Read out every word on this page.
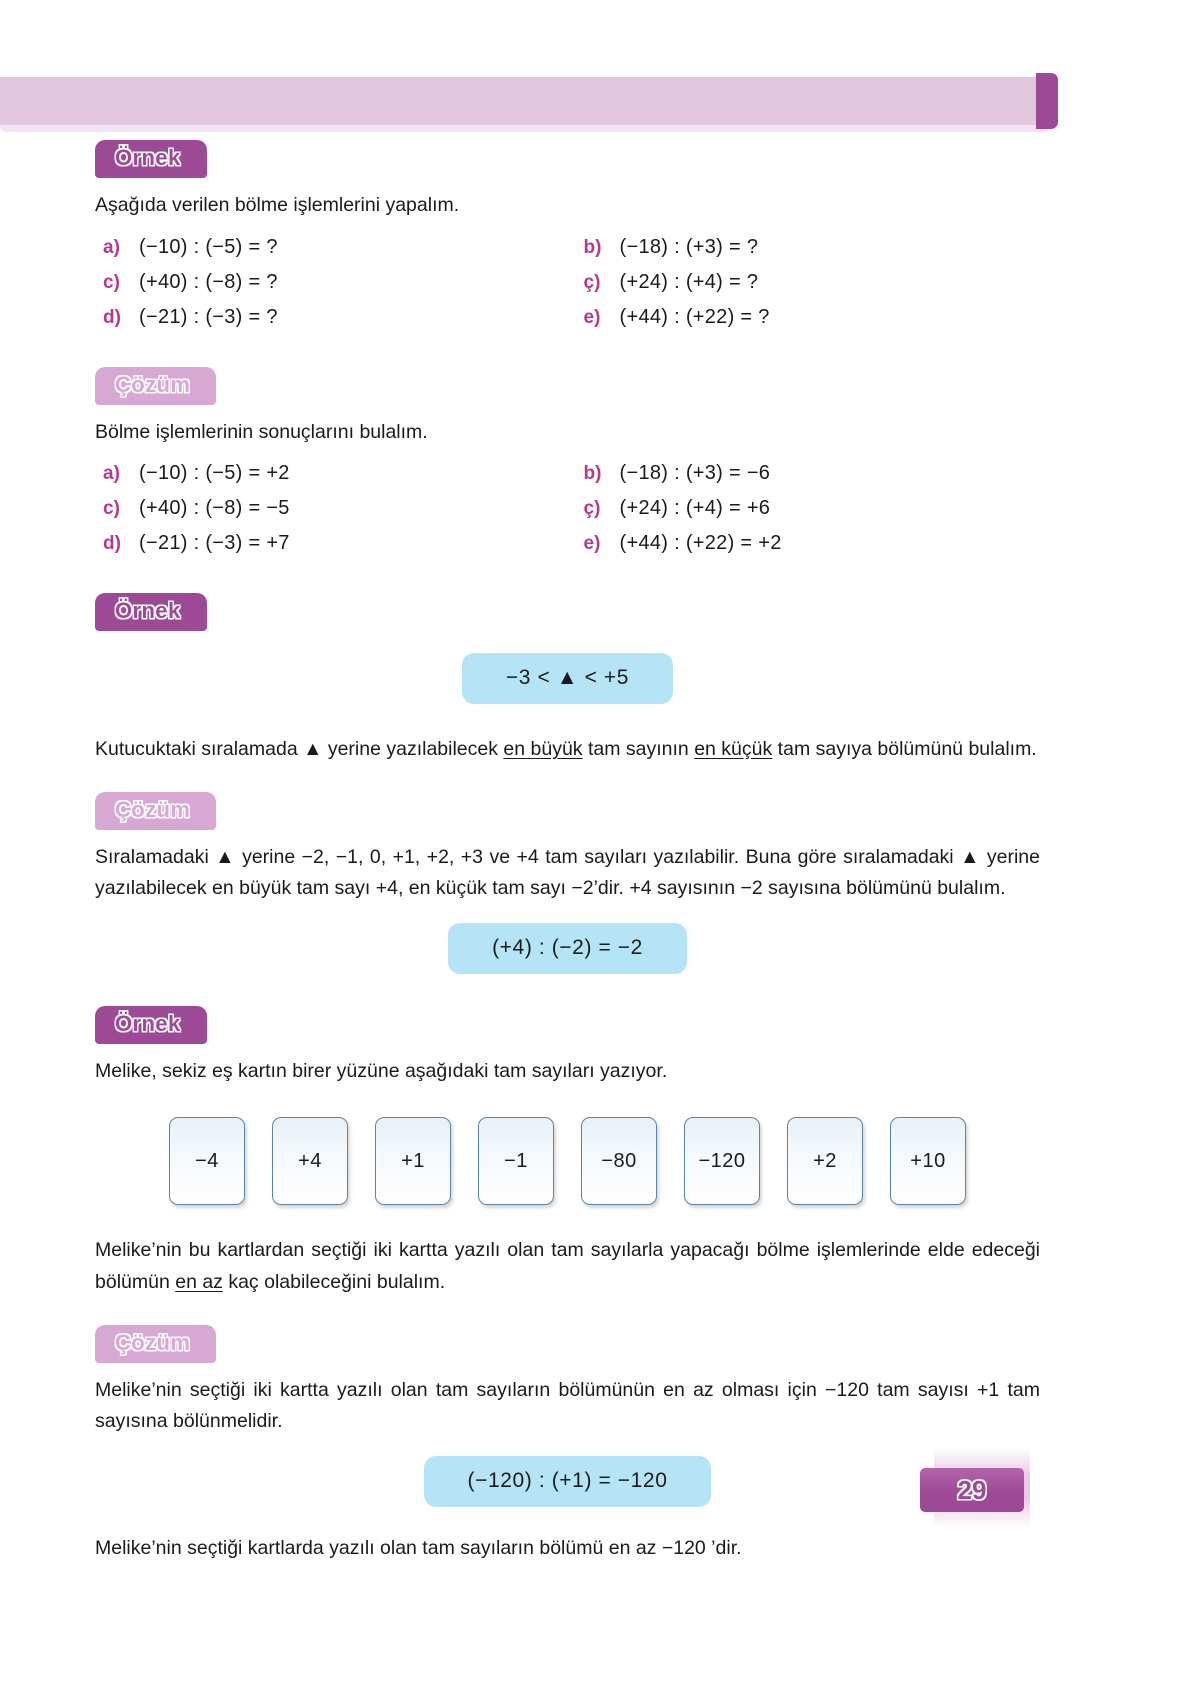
Örnek

Aşağıda verilen bölme işlemlerini yapalım.

a) (−10) : (−5) = ?	b) (−18) : (+3) = ?
c) (+40) : (−8) = ?	ç) (+24) : (+4) = ?
d) (−21) : (−3) = ?	e) (+44) : (+22) = ?
Çözüm

Bölme işlemlerinin sonuçlarını bulalım.

a) (−10) : (−5) = +2	b) (−18) : (+3) = −6
c) (+40) : (−8) = −5	ç) (+24) : (+4) = +6
d) (−21) : (−3) = +7	e) (+44) : (+22) = +2
Örnek
−3 < ▲ < +5

Kutucuktaki sıralamada ▲ yerine yazılabilecek en büyük tam sayının en küçük tam sayıya bölümünü bulalım.

Çözüm

Sıralamadaki ▲ yerine −2, −1, 0, +1, +2, +3 ve +4 tam sayıları yazılabilir. Buna göre sıralamadaki ▲ yerine yazılabilecek en büyük tam sayı +4, en küçük tam sayı −2’dir. +4 sayısının −2 sayısına bölümünü bulalım.

(+4) : (−2) = −2
Örnek

Melike, sekiz eş kartın birer yüzüne aşağıdaki tam sayıları yazıyor.

−4	+4	+1	−1	−80	−120	+2	+10

Melike’nin bu kartlardan seçtiği iki kartta yazılı olan tam sayılarla yapacağı bölme işlemlerinde elde edeceği bölümün en az kaç olabileceğini bulalım.

Çözüm

Melike’nin seçtiği iki kartta yazılı olan tam sayıların bölümünün en az olması için −120 tam sayısı +1 tam sayısına bölünmelidir.

(−120) : (+1) = −120

Melike’nin seçtiği kartlarda yazılı olan tam sayıların bölümü en az −120 ’dir.

29
